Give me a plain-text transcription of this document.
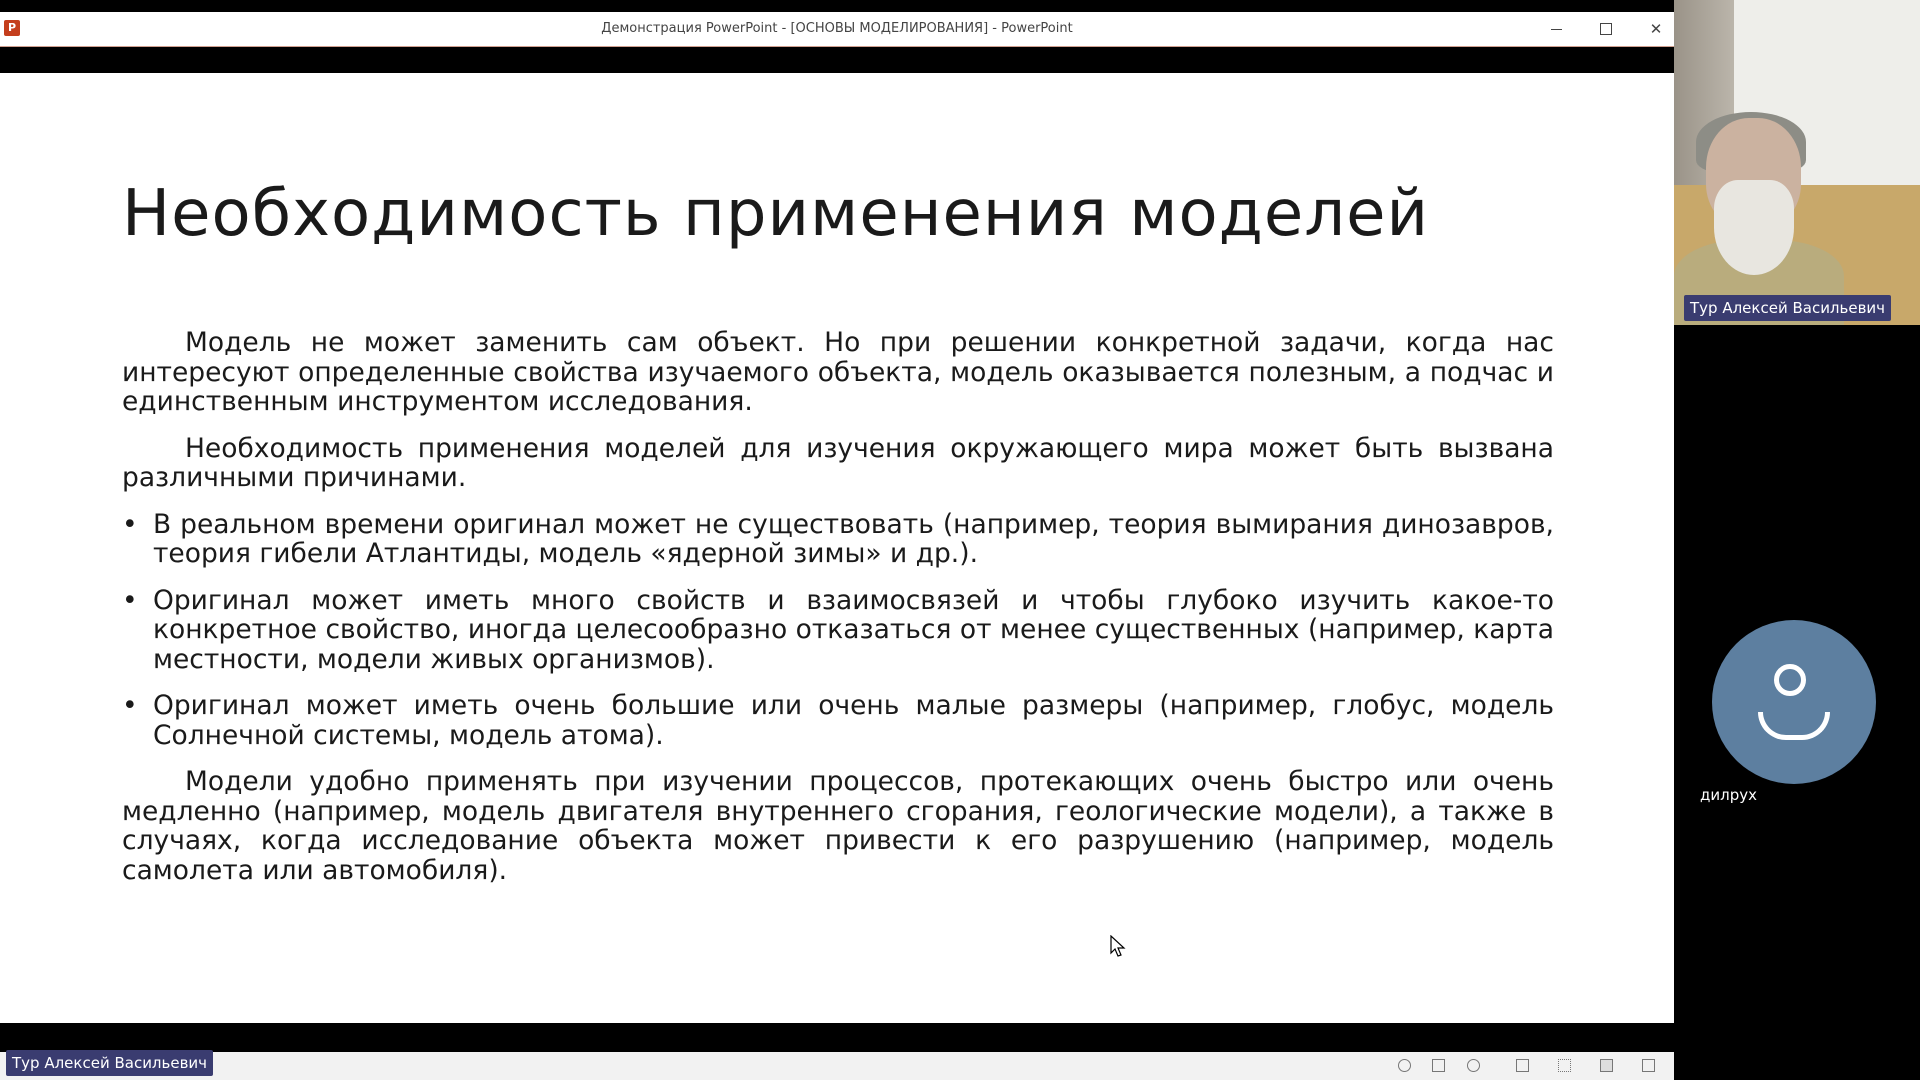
P	Демонстрация PowerPoint - [ОСНОВЫ МОДЕЛИРОВАНИЯ] - PowerPoint	✕
Необходимость применения моделей

Модель не может заменить сам объект. Но при решении конкретной задачи, когда нас интересуют определенные свойства изучаемого объекта, модель оказывается полезным, а подчас и единственным инструментом исследования.

Необходимость применения моделей для изучения окружающего мира может быть вызвана различными причинами.

• В реальном времени оригинал может не существовать (например, теория вымирания динозавров, теория гибели Атлантиды, модель «ядерной зимы» и др.).
• Оригинал может иметь много свойств и взаимосвязей и чтобы глубоко изучить какое-то конкретное свойство, иногда целесообразно отказаться от менее существенных (например, карта местности, модели живых организмов).
• Оригинал может иметь очень большие или очень малые размеры (например, глобус, модель Солнечной системы, модель атома).

Модели удобно применять при изучении процессов, протекающих очень быстро или очень медленно (например, модель двигателя внутреннего сгорания, геологические модели), а также в случаях, когда исследование объекта может привести к его разрушению (например, модель самолета или автомобиля).

Тур Алексей Васильевич
Тур Алексей Васильевич
дилрух
